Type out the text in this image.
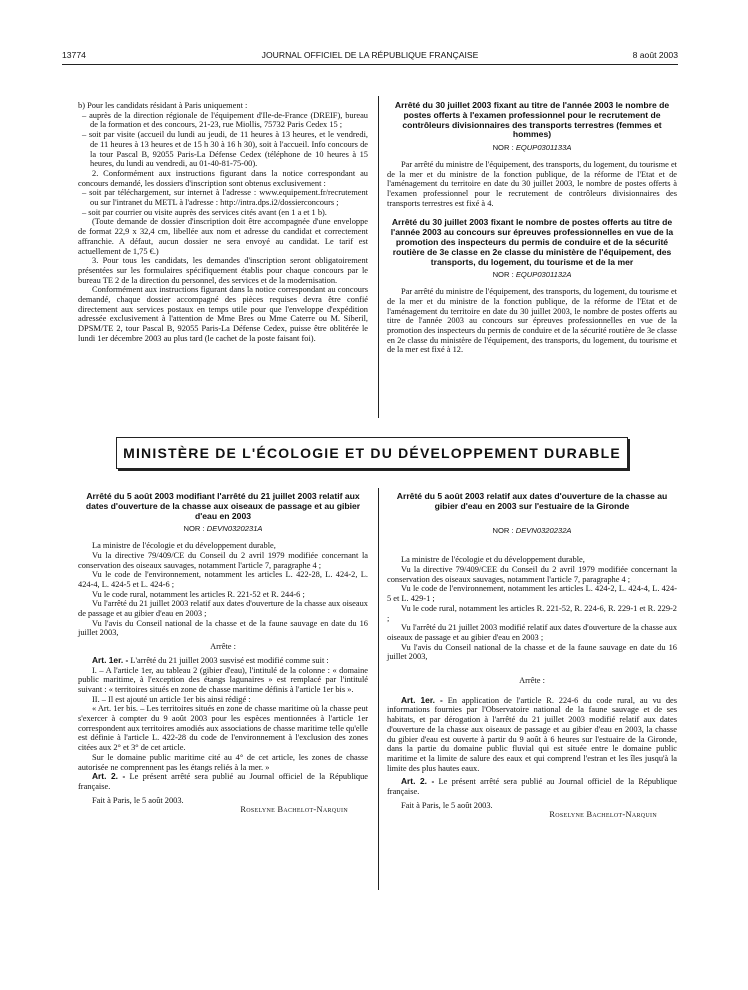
13774	JOURNAL OFFICIEL DE LA RÉPUBLIQUE FRANÇAISE	8 août 2003

b) Pour les candidats résidant à Paris uniquement :

– auprès de la direction régionale de l'équipement d'Ile-de-France (DREIF), bureau de la formation et des concours, 21-23, rue Miollis, 75732 Paris Cedex 15 ;

– soit par visite (accueil du lundi au jeudi, de 11 heures à 13 heures, et le vendredi, de 11 heures à 13 heures et de 15 h 30 à 16 h 30), soit à l'accueil. Info concours de la tour Pascal B, 92055 Paris-La Défense Cedex (téléphone de 10 heures à 15 heures, du lundi au vendredi, au 01-40-81-75-00).

2. Conformément aux instructions figurant dans la notice correspondant au concours demandé, les dossiers d'inscription sont obtenus exclusivement :

– soit par téléchargement, sur internet à l'adresse : www.equipement.fr/recrutement ou sur l'intranet du METL à l'adresse : http://intra.dps.i2/dossierconcours ;

– soit par courrier ou visite auprès des services cités avant (en 1 a et 1 b).

(Toute demande de dossier d'inscription doit être accompagnée d'une enveloppe de format 22,9 x 32,4 cm, libellée aux nom et adresse du candidat et correctement affranchie. A défaut, aucun dossier ne sera envoyé au candidat. Le tarif est actuellement de 1,75 €.)

3. Pour tous les candidats, les demandes d'inscription seront obligatoirement présentées sur les formulaires spécifiquement établis pour chaque concours par le bureau TE 2 de la direction du personnel, des services et de la modernisation.

Conformément aux instructions figurant dans la notice correspondant au concours demandé, chaque dossier accompagné des pièces requises devra être confié directement aux services postaux en temps utile pour que l'enveloppe d'expédition adressée exclusivement à l'attention de Mme Bres ou Mme Caterre ou M. Siberil, DPSM/TE 2, tour Pascal B, 92055 Paris-La Défense Cedex, puisse être oblitérée le lundi 1er décembre 2003 au plus tard (le cachet de la poste faisant foi).

Arrêté du 30 juillet 2003 fixant au titre de l'année 2003 le nombre de postes offerts à l'examen professionnel pour le recrutement de contrôleurs divisionnaires des transports terrestres (femmes et hommes)

NOR : EQUP0301133A

Par arrêté du ministre de l'équipement, des transports, du logement, du tourisme et de la mer et du ministre de la fonction publique, de la réforme de l'Etat et de l'aménagement du territoire en date du 30 juillet 2003, le nombre de postes offerts à l'examen professionnel pour le recrutement de contrôleurs divisionnaires des transports terrestres est fixé à 4.

Arrêté du 30 juillet 2003 fixant le nombre de postes offerts au titre de l'année 2003 au concours sur épreuves professionnelles en vue de la promotion des inspecteurs du permis de conduire et de la sécurité routière de 3e classe en 2e classe du ministère de l'équipement, des transports, du logement, du tourisme et de la mer

NOR : EQUP0301132A

Par arrêté du ministre de l'équipement, des transports, du logement, du tourisme et de la mer et du ministre de la fonction publique, de la réforme de l'Etat et de l'aménagement du territoire en date du 30 juillet 2003, le nombre de postes offerts au titre de l'année 2003 au concours sur épreuves professionnelles en vue de la promotion des inspecteurs du permis de conduire et de la sécurité routière de 3e classe en 2e classe du ministère de l'équipement, des transports, du logement, du tourisme et de la mer est fixé à 12.

MINISTÈRE DE L'ÉCOLOGIE ET DU DÉVELOPPEMENT DURABLE

Arrêté du 5 août 2003 modifiant l'arrêté du 21 juillet 2003 relatif aux dates d'ouverture de la chasse aux oiseaux de passage et au gibier d'eau en 2003

NOR : DEVN0320231A

La ministre de l'écologie et du développement durable,

Vu la directive 79/409/CE du Conseil du 2 avril 1979 modifiée concernant la conservation des oiseaux sauvages, notamment l'article 7, paragraphe 4 ;

Vu le code de l'environnement, notamment les articles L. 422-28, L. 424-2, L. 424-4, L. 424-5 et L. 424-6 ;

Vu le code rural, notamment les articles R. 221-52 et R. 244-6 ;

Vu l'arrêté du 21 juillet 2003 relatif aux dates d'ouverture de la chasse aux oiseaux de passage et au gibier d'eau en 2003 ;

Vu l'avis du Conseil national de la chasse et de la faune sauvage en date du 16 juillet 2003,

Arrête :

Art. 1er. - L'arrêté du 21 juillet 2003 susvisé est modifié comme suit :

I. – A l'article 1er, au tableau 2 (gibier d'eau), l'intitulé de la colonne : « domaine public maritime, à l'exception des étangs lagunaires » est remplacé par l'intitulé suivant : « territoires situés en zone de chasse maritime définis à l'article 1er bis ».

II. – Il est ajouté un article 1er bis ainsi rédigé :

« Art. 1er bis. – Les territoires situés en zone de chasse maritime où la chasse peut s'exercer à compter du 9 août 2003 pour les espèces mentionnées à l'article 1er correspondent aux territoires amodiés aux associations de chasse maritime telle qu'elle est définie à l'article L. 422-28 du code de l'environnement à l'exclusion des zones citées aux 2° et 3° de cet article.

Sur le domaine public maritime cité au 4° de cet article, les zones de chasse autorisée ne comprennent pas les étangs reliés à la mer. »

Art. 2. - Le présent arrêté sera publié au Journal officiel de la République française.

Fait à Paris, le 5 août 2003.

Roselyne Bachelot-Narquin

Arrêté du 5 août 2003 relatif aux dates d'ouverture de la chasse au gibier d'eau en 2003 sur l'estuaire de la Gironde

NOR : DEVN0320232A

La ministre de l'écologie et du développement durable,

Vu la directive 79/409/CEE du Conseil du 2 avril 1979 modifiée concernant la conservation des oiseaux sauvages, notamment l'article 7, paragraphe 4 ;

Vu le code de l'environnement, notamment les articles L. 424-2, L. 424-4, L. 424-5 et L. 429-1 ;

Vu le code rural, notamment les articles R. 221-52, R. 224-6, R. 229-1 et R. 229-2 ;

Vu l'arrêté du 21 juillet 2003 modifié relatif aux dates d'ouverture de la chasse aux oiseaux de passage et au gibier d'eau en 2003 ;

Vu l'avis du Conseil national de la chasse et de la faune sauvage en date du 16 juillet 2003,

Arrête :

Art. 1er. - En application de l'article R. 224-6 du code rural, au vu des informations fournies par l'Observatoire national de la faune sauvage et de ses habitats, et par dérogation à l'arrêté du 21 juillet 2003 modifié relatif aux dates d'ouverture de la chasse aux oiseaux de passage et au gibier d'eau en 2003, la chasse du gibier d'eau est ouverte à partir du 9 août à 6 heures sur l'estuaire de la Gironde, dans la partie du domaine public fluvial qui est située entre le domaine public maritime et la limite de salure des eaux et qui comprend l'estran et les îles jusqu'à la limite des plus hautes eaux.

Art. 2. - Le présent arrêté sera publié au Journal officiel de la République française.

Fait à Paris, le 5 août 2003.

Roselyne Bachelot-Narquin
